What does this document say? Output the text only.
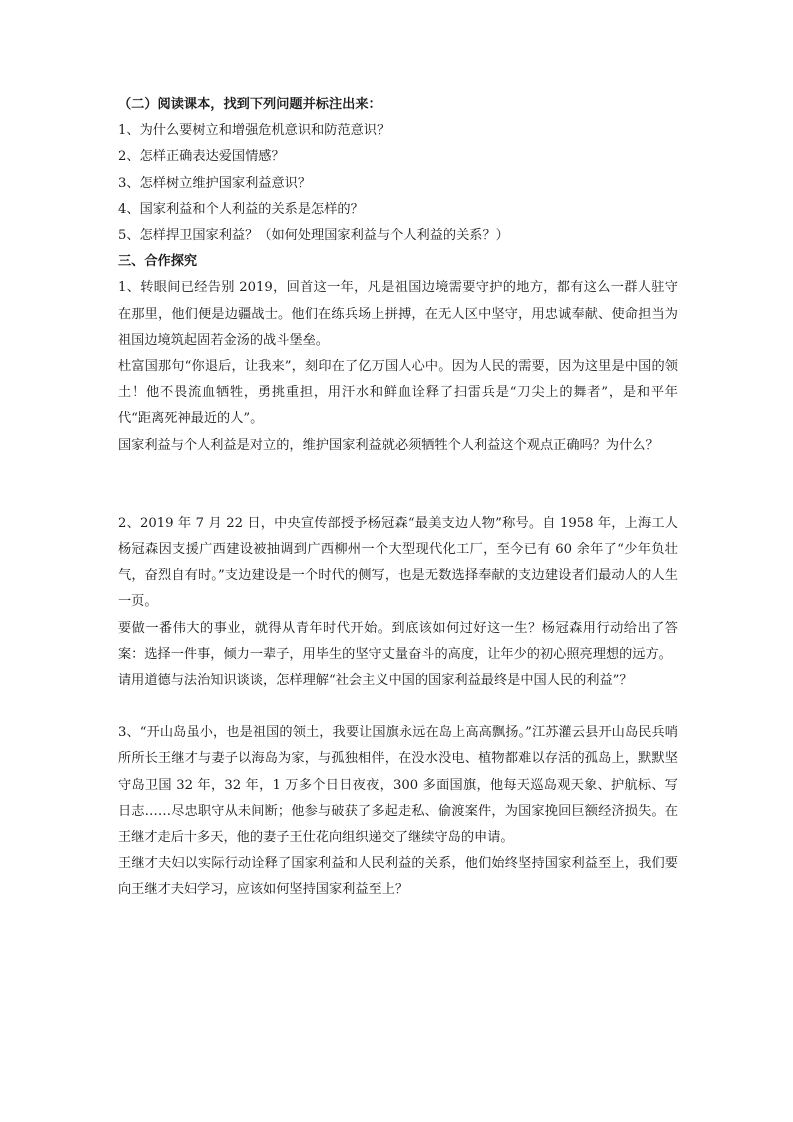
（二）阅读课本，找到下列问题并标注出来：

1、为什么要树立和增强危机意识和防范意识？

2、怎样正确表达爱国情感？

3、怎样树立维护国家利益意识？

4、国家利益和个人利益的关系是怎样的？

5、怎样捍卫国家利益？（如何处理国家利益与个人利益的关系？）

三、合作探究

1、转眼间已经告别 2019，回首这一年，凡是祖国边境需要守护的地方，都有这么一群人驻守在那里，他们便是边疆战士。他们在练兵场上拼搏，在无人区中坚守，用忠诚奉献、使命担当为祖国边境筑起固若金汤的战斗堡垒。

杜富国那句“你退后，让我来”，刻印在了亿万国人心中。因为人民的需要，因为这里是中国的领土！他不畏流血牺牲，勇挑重担，用汗水和鲜血诠释了扫雷兵是“刀尖上的舞者”，是和平年代“距离死神最近的人”。

国家利益与个人利益是对立的，维护国家利益就必须牺牲个人利益这个观点正确吗？为什么？

2、2019 年 7 月 22 日，中央宣传部授予杨冠森“最美支边人物”称号。自 1958 年，上海工人杨冠森因支援广西建设被抽调到广西柳州一个大型现代化工厂，至今已有 60 余年了“少年负壮气，奋烈自有时。”支边建设是一个时代的侧写，也是无数选择奉献的支边建设者们最动人的人生一页。

要做一番伟大的事业，就得从青年时代开始。到底该如何过好这一生？杨冠森用行动给出了答案：选择一件事，倾力一辈子，用毕生的坚守丈量奋斗的高度，让年少的初心照亮理想的远方。

请用道德与法治知识谈谈，怎样理解“社会主义中国的国家利益最终是中国人民的利益”？

3、“开山岛虽小，也是祖国的领土，我要让国旗永远在岛上高高飘扬。”江苏灌云县开山岛民兵哨所所长王继才与妻子以海岛为家，与孤独相伴，在没水没电、植物都难以存活的孤岛上，默默坚守岛卫国 32 年，32 年，1 万多个日日夜夜，300 多面国旗，他每天巡岛观天象、护航标、写日志……尽忠职守从未间断；他参与破获了多起走私、偷渡案件，为国家挽回巨额经济损失。在王继才走后十多天，他的妻子王仕花向组织递交了继续守岛的申请。

王继才夫妇以实际行动诠释了国家利益和人民利益的关系，他们始终坚持国家利益至上，我们要向王继才夫妇学习，应该如何坚持国家利益至上？
